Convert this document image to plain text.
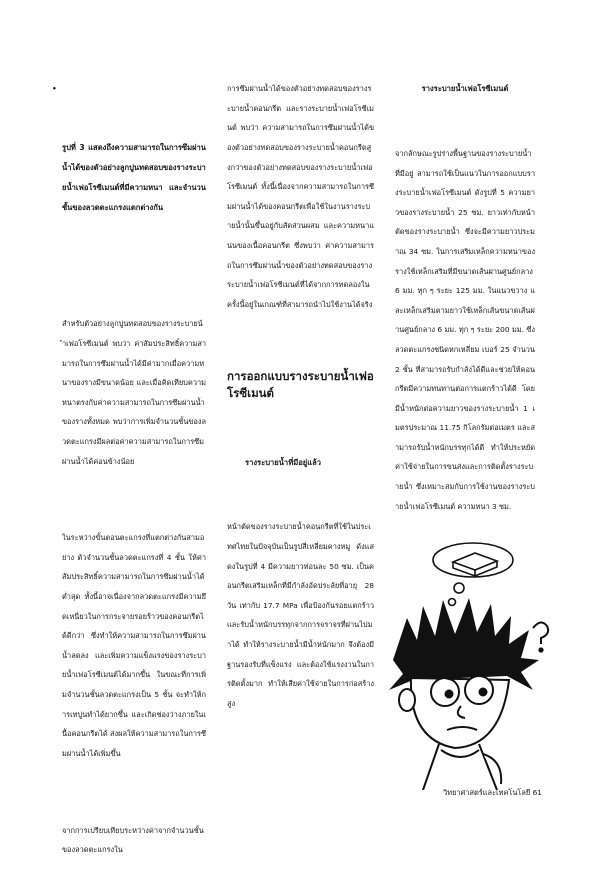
•

รูปที่ 3 แสดงถึงความสามารถในการซึมผ่านน้ำได้ของตัวอย่างลูกปูนทดสอบของรางระบายน้ำเฟอโรซีเมนต์ที่มีความหนา และจำนวนชั้นของลวดตะแกรงแตกต่างกัน

สำหรับตัวอย่างลูกปูนทดสอบของรางระบายน้ำเฟอโรซีเมนต์ พบว่า ค่าสัมประสิทธิ์ความสามารถในการซึมผ่านน้ำได้มีค่ามากเมื่อความหนาของรางมีขนาดน้อย และเมื่อคิดเทียบความหนาตรงกับค่าความสามารถในการซึมผ่านน้ำของรางทั้งหมด พบว่าการเพิ่มจำนวนชั้นของลวดตะแกรงมีผลต่อค่าความสามารถในการซึมผ่านน้ำได้ค่อนข้างน้อย

ในระหว่างขั้นตอนตะแกรงที่แตกต่างกันสามอย่าง ตัวจำนวนชั้นลวดตะแกรงที่ 4 ชั้น ให้ค่าสัมประสิทธิ์ความสามารถในการซึมผ่านน้ำได้ต่ำสุด ทั้งนี้อาจเนื่องจากลวดตะแกรงมีความยึดเหนี่ยวในการกระจายรอยร้าวของคอนกรีตได้ดีกว่า ซึ่งทำให้ความสามารถในการซึมผ่านน้ำลดลง และเพิ่มความแข็งแรงของรางระบายน้ำเฟอโรซีเมนต์ได้มากขึ้น ในขณะที่การเพิ่มจำนวนชั้นลวดตะแกรงเป็น 5 ชั้น จะทำให้การเทปูนทำได้ยากขึ้น และเกิดช่องว่างภายในเนื้อคอนกรีตได้ ส่งผลให้ความสามารถในการซึมผ่านน้ำได้เพิ่มขึ้น

จากการเปรียบเทียบระหว่างค่าจากจำนวนชั้นของลวดตะแกรงใน

การซึมผ่านน้ำได้ของตัวอย่างทดสอบของรางระบายน้ำคอนกรีต และรางระบายน้ำเฟอโรซีเมนต์ พบว่า ความสามารถในการซึมผ่านน้ำได้ของตัวอย่างทดสอบของรางระบายน้ำคอนกรีตสูงกว่าของตัวอย่างทดสอบของรางระบายน้ำเฟอโรซีเมนต์ ทั้งนี้เนื่องจากความสามารถในการซึมผ่านน้ำได้ของคอนกรีตเพื่อใช้ในงานรางระบายน้ำนั้นขึ้นอยู่กับสัดส่วนผสม และความหนาแน่นของเนื้อคอนกรีต ซึ่งพบว่า ค่าความสามารถในการซึมผ่านน้ำของตัวอย่างทดสอบของรางระบายน้ำเฟอโรซีเมนต์ที่ได้จากการทดลองในครั้งนี้อยู่ในเกณฑ์ที่สามารถนำไปใช้งานได้จริง

การออกแบบรางระบายน้ำเฟอโรซีเมนต์

รางระบายน้ำที่มีอยู่แล้ว

หน้าตัดของรางระบายน้ำคอนกรีตที่ใช้ในประเทศไทยในปัจจุบันเป็นรูปสี่เหลี่ยมคางหมู ดังแสดงในรูปที่ 4 มีความยาวท่อนละ 50 ซม. เป็นคอนกรีตเสริมเหล็กที่มีกำลังอัดประลัยที่อายุ 28 วัน เท่ากับ 17.7 MPa เพื่อป้องกันรอยแตกร้าวและรับน้ำหนักบรรทุกจากการจราจรที่ผ่านไปมาได้ ทำให้รางระบายน้ำมีน้ำหนักมาก จึงต้องมีฐานรองรับที่แข็งแรง และต้องใช้แรงงานในการติดตั้งมาก ทำให้เสียค่าใช้จ่ายในการก่อสร้างสูง

รางระบายน้ำเฟอโรซีเมนต์

จากลักษณะรูปร่างพื้นฐานของรางระบายน้ำที่มีอยู่ สามารถใช้เป็นแนวในการออกแบบรางระบายน้ำเฟอโรซีเมนต์ ดังรูปที่ 5 ความยาวของรางระบายน้ำ 25 ซม. ยาวเท่ากับหน้าตัดของรางระบายน้ำ ซึ่งจะมีความยาวประมาณ 34 ซม. ในการเสริมเหล็กความหนาของรางใช้เหล็กเสริมที่มีขนาดเส้นผ่านศูนย์กลาง 6 มม. ทุก ๆ ระยะ 125 มม. ในแนวขวาง และเหล็กเสริมตามยาวใช้เหล็กเส้นขนาดเส้นผ่านศูนย์กลาง 6 มม. ทุก ๆ ระยะ 200 มม. ซึ่งลวดตะแกรงชนิดหกเหลี่ยม เบอร์ 25 จำนวน 2 ชั้น ที่สามารถรับกำลังได้ดีและช่วยให้คอนกรีตมีความทนทานต่อการแตกร้าวได้ดี โดยมีน้ำหนักต่อความยาวของรางระบายน้ำ 1 เมตรประมาณ 11.75 กิโลกรัมต่อเมตร และสามารถรับน้ำหนักบรรทุกได้ดี ทำให้ประหยัดค่าใช้จ่ายในการขนส่งและการติดตั้งรางระบายน้ำ ซึ่งเหมาะสมกับการใช้งานของรางระบายน้ำเฟอโรซีเมนต์ ความหนา 3 ซม.

วิทยาศาสตร์และเทคโนโลยี 61
